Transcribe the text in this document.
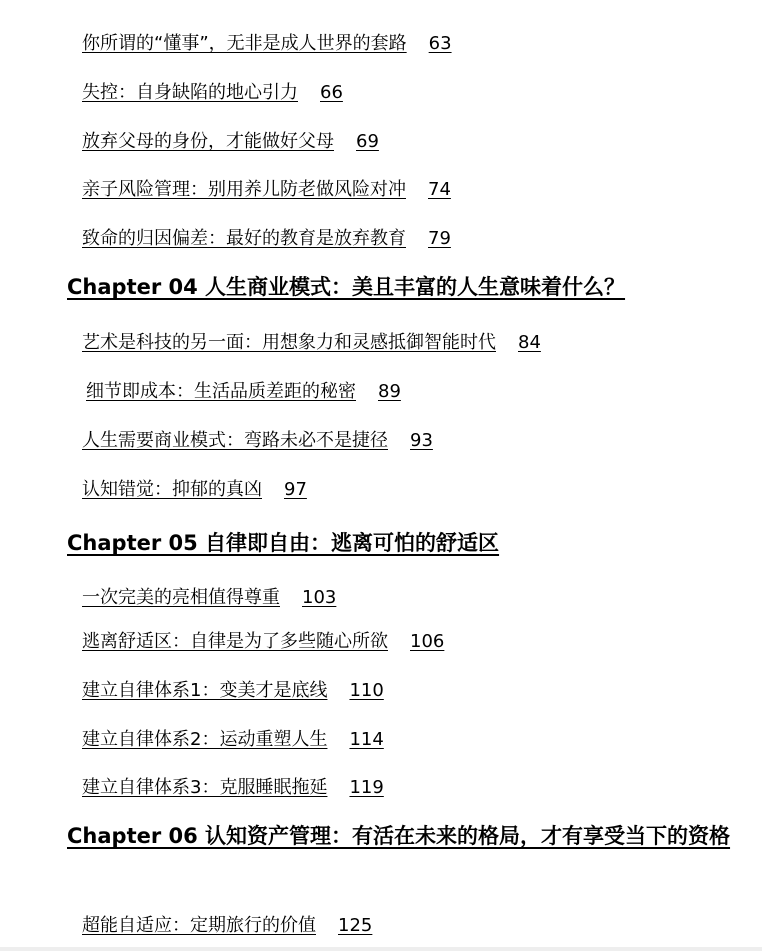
你所谓的“懂事”，无非是成人世界的套路 63
失控：自身缺陷的地心引力 66
放弃父母的身份，才能做好父母 69
亲子风险管理：别用养儿防老做风险对冲 74
致命的归因偏差：最好的教育是放弃教育 79
Chapter 04 人生商业模式：美且丰富的人生意味着什么？
艺术是科技的另一面：用想象力和灵感抵御智能时代 84
细节即成本：生活品质差距的秘密 89
人生需要商业模式：弯路未必不是捷径 93
认知错觉：抑郁的真凶 97
Chapter 05 自律即自由：逃离可怕的舒适区
一次完美的亮相值得尊重 103
逃离舒适区：自律是为了多些随心所欲 106
建立自律体系1：变美才是底线 110
建立自律体系2：运动重塑人生 114
建立自律体系3：克服睡眠拖延 119
Chapter 06 认知资产管理：有活在未来的格局，才有享受当下的资格
超能自适应：定期旅行的价值 125
